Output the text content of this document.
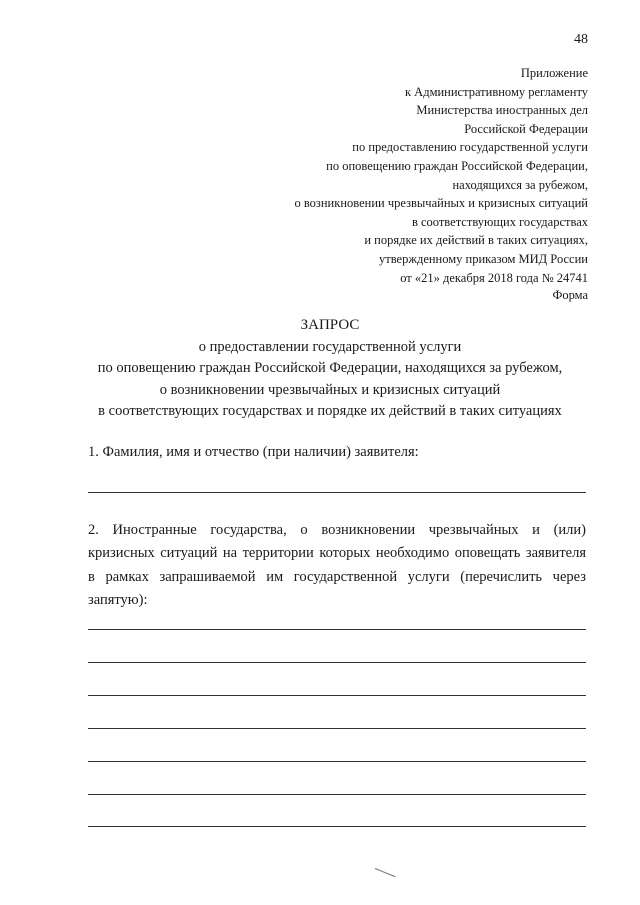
48
Приложение
к Административному регламенту
Министерства иностранных дел
Российской Федерации
по предоставлению государственной услуги
по оповещению граждан Российской Федерации,
находящихся за рубежом,
о возникновении чрезвычайных и кризисных ситуаций
в соответствующих государствах
и порядке их действий в таких ситуациях,
утвержденному приказом МИД России
от «21» декабря 2018 года № 24741
Форма
ЗАПРОС
о предоставлении государственной услуги
по оповещению граждан Российской Федерации, находящихся за рубежом,
о возникновении чрезвычайных и кризисных ситуаций
в соответствующих государствах и порядке их действий в таких ситуациях
1. Фамилия, имя и отчество (при наличии) заявителя:
2. Иностранные государства, о возникновении чрезвычайных и (или)
кризисных ситуаций на территории которых необходимо оповещать заявителя
в рамках запрашиваемой им государственной услуги (перечислить через
запятую):
